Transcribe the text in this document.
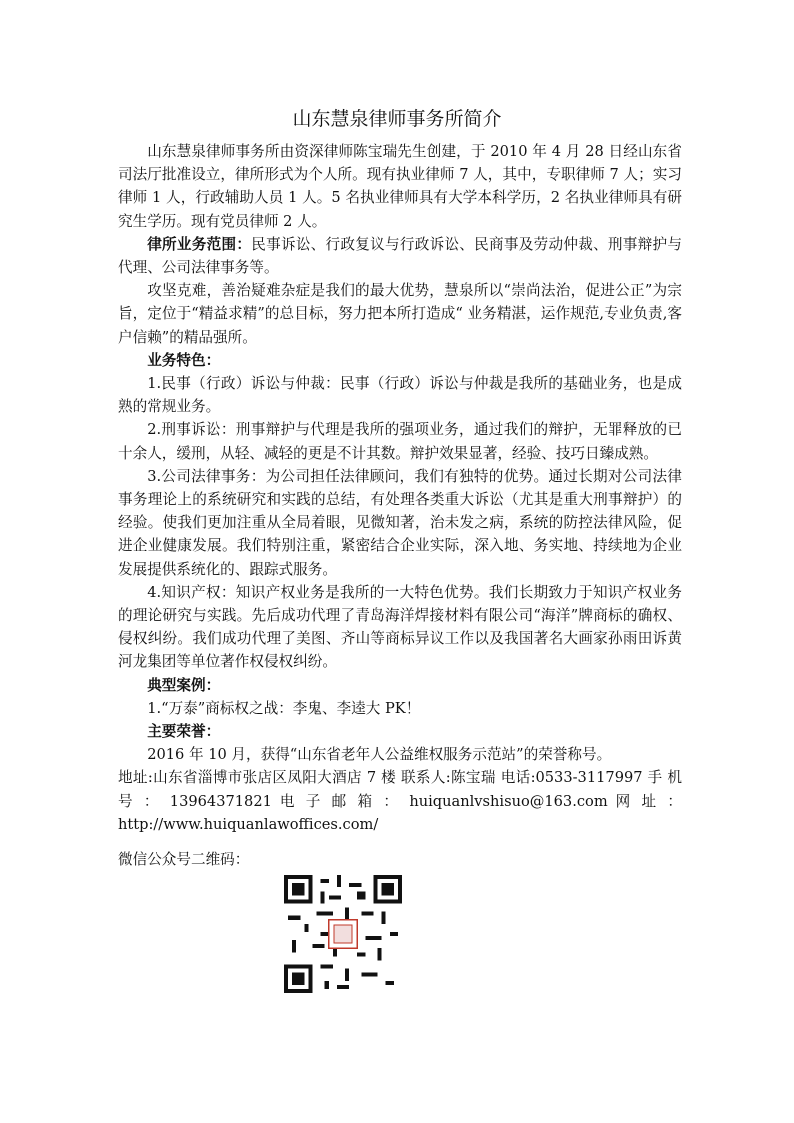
山东慧泉律师事务所简介

山东慧泉律师事务所由资深律师陈宝瑞先生创建，于 2010 年 4 月 28 日经山东省司法厅批准设立，律所形式为个人所。现有执业律师 7 人，其中，专职律师 7 人；实习律师 1 人，行政辅助人员 1 人。5 名执业律师具有大学本科学历，2 名执业律师具有研究生学历。现有党员律师 2 人。

律所业务范围：民事诉讼、行政复议与行政诉讼、民商事及劳动仲裁、刑事辩护与代理、公司法律事务等。

攻坚克难，善治疑难杂症是我们的最大优势，慧泉所以“崇尚法治，促进公正”为宗旨，定位于“精益求精”的总目标，努力把本所打造成“ 业务精湛，运作规范,专业负责,客户信赖”的精品强所。

业务特色：

1.民事（行政）诉讼与仲裁：民事（行政）诉讼与仲裁是我所的基础业务，也是成熟的常规业务。

2.刑事诉讼：刑事辩护与代理是我所的强项业务，通过我们的辩护，无罪释放的已十余人，缓刑，从轻、减轻的更是不计其数。辩护效果显著，经验、技巧日臻成熟。

3.公司法律事务：为公司担任法律顾问，我们有独特的优势。通过长期对公司法律事务理论上的系统研究和实践的总结，有处理各类重大诉讼（尤其是重大刑事辩护）的经验。使我们更加注重从全局着眼，见微知著，治未发之病，系统的防控法律风险，促进企业健康发展。我们特别注重，紧密结合企业实际，深入地、务实地、持续地为企业发展提供系统化的、跟踪式服务。

4.知识产权：知识产权业务是我所的一大特色优势。我们长期致力于知识产权业务的理论研究与实践。先后成功代理了青岛海洋焊接材料有限公司“海洋”牌商标的确权、侵权纠纷。我们成功代理了美图、齐山等商标异议工作以及我国著名大画家孙雨田诉黄河龙集团等单位著作权侵权纠纷。

典型案例：

1.“万泰”商标权之战：李鬼、李逵大 PK！

主要荣誉：

2016 年 10 月，获得“山东省老年人公益维权服务示范站”的荣誉称号。

地址:山东省淄博市张店区凤阳大酒店 7 楼 联系人:陈宝瑞 电话:0533-3117997 手 机 号 ： 13964371821 电 子 邮 箱 ： huiquanlvshisuo@163.com 网 址 ： http://www.huiquanlawoffices.com/

微信公众号二维码：
